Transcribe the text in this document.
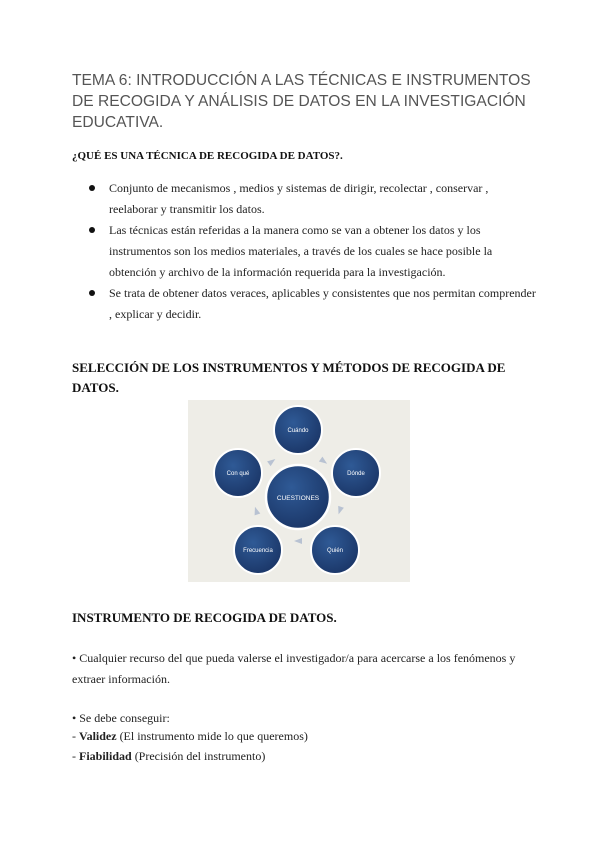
TEMA 6: INTRODUCCIÓN A LAS TÉCNICAS E INSTRUMENTOS DE RECOGIDA Y ANÁLISIS DE DATOS EN LA INVESTIGACIÓN EDUCATIVA.

¿QUÉ ES UNA TÉCNICA DE RECOGIDA DE DATOS?.

Conjunto de mecanismos , medios y sistemas de dirigir, recolectar , conservar , reelaborar y transmitir los datos.
Las técnicas están referidas a la manera como se van a obtener los datos y los instrumentos son los medios materiales, a través de los cuales se hace posible la obtención y archivo de la información requerida para la investigación.
Se trata de obtener datos veraces, aplicables y consistentes que nos permitan comprender , explicar y decidir.

SELECCIÓN DE LOS INSTRUMENTOS Y MÉTODOS DE RECOGIDA DE DATOS.

CUESTIONES
Cuándo
Dónde
Quién
Frecuencia
Con qué

INSTRUMENTO DE RECOGIDA DE DATOS.

• Cualquier recurso del que pueda valerse el investigador/a para acercarse a los fenómenos y extraer información.

• Se debe conseguir:

- Validez (El instrumento mide lo que queremos)

- Fiabilidad (Precisión del instrumento)
